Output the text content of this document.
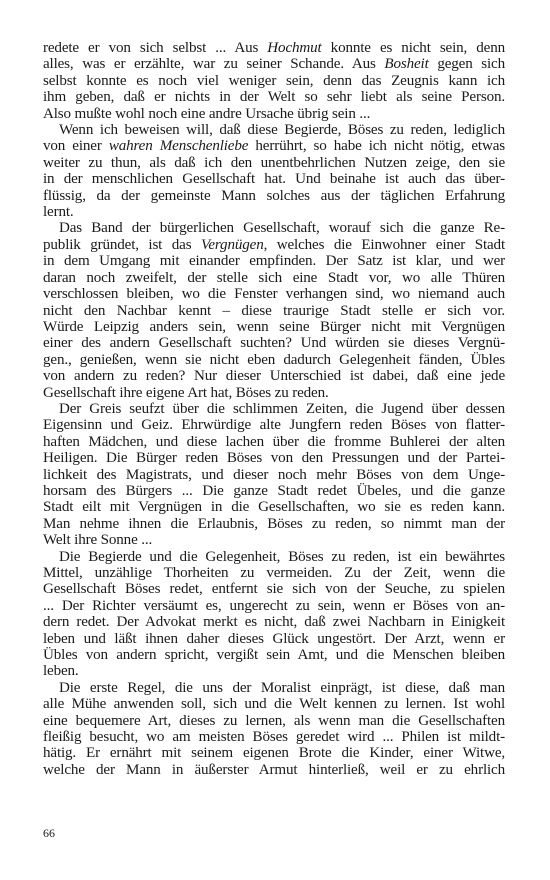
redete er von sich selbst ... Aus Hochmut konnte es nicht sein, denn
alles, was er erzählte, war zu seiner Schande. Aus Bosheit gegen sich
selbst konnte es noch viel weniger sein, denn das Zeugnis kann ich
ihm geben, daß er nichts in der Welt so sehr liebt als seine Person.
Also mußte wohl noch eine andre Ursache übrig sein ...

Wenn ich beweisen will, daß diese Begierde, Böses zu reden, lediglich
von einer wahren Menschenliebe herrührt, so habe ich nicht nötig, etwas
weiter zu thun, als daß ich den unentbehrlichen Nutzen zeige, den sie
in der menschlichen Gesellschaft hat. Und beinahe ist auch das über-
flüssig, da der gemeinste Mann solches aus der täglichen Erfahrung
lernt.

Das Band der bürgerlichen Gesellschaft, worauf sich die ganze Re-
publik gründet, ist das Vergnügen, welches die Einwohner einer Stadt
in dem Umgang mit einander empfinden. Der Satz ist klar, und wer
daran noch zweifelt, der stelle sich eine Stadt vor, wo alle Thüren
verschlossen bleiben, wo die Fenster verhangen sind, wo niemand auch
nicht den Nachbar kennt – diese traurige Stadt stelle er sich vor.
Würde Leipzig anders sein, wenn seine Bürger nicht mit Vergnügen
einer des andern Gesellschaft suchten? Und würden sie dieses Vergnü-
gen., genießen, wenn sie nicht eben dadurch Gelegenheit fänden, Übles
von andern zu reden? Nur dieser Unterschied ist dabei, daß eine jede
Gesellschaft ihre eigene Art hat, Böses zu reden.

Der Greis seufzt über die schlimmen Zeiten, die Jugend über dessen
Eigensinn und Geiz. Ehrwürdige alte Jungfern reden Böses von flatter-
haften Mädchen, und diese lachen über die fromme Buhlerei der alten
Heiligen. Die Bürger reden Böses von den Pressungen und der Partei-
lichkeit des Magistrats, und dieser noch mehr Böses von dem Unge-
horsam des Bürgers ... Die ganze Stadt redet Übeles, und die ganze
Stadt eilt mit Vergnügen in die Gesellschaften, wo sie es reden kann.
Man nehme ihnen die Erlaubnis, Böses zu reden, so nimmt man der
Welt ihre Sonne ...

Die Begierde und die Gelegenheit, Böses zu reden, ist ein bewährtes
Mittel, unzählige Thorheiten zu vermeiden. Zu der Zeit, wenn die
Gesellschaft Böses redet, entfernt sie sich von der Seuche, zu spielen
... Der Richter versäumt es, ungerecht zu sein, wenn er Böses von an-
dern redet. Der Advokat merkt es nicht, daß zwei Nachbarn in Einigkeit
leben und läßt ihnen daher dieses Glück ungestört. Der Arzt, wenn er
Übles von andern spricht, vergißt sein Amt, und die Menschen bleiben
leben.

Die erste Regel, die uns der Moralist einprägt, ist diese, daß man
alle Mühe anwenden soll, sich und die Welt kennen zu lernen. Ist wohl
eine bequemere Art, dieses zu lernen, als wenn man die Gesellschaften
fleißig besucht, wo am meisten Böses geredet wird ... Philen ist mildt-
hätig. Er ernährt mit seinem eigenen Brote die Kinder, einer Witwe,
welche der Mann in äußerster Armut hinterließ, weil er zu ehrlich

66
